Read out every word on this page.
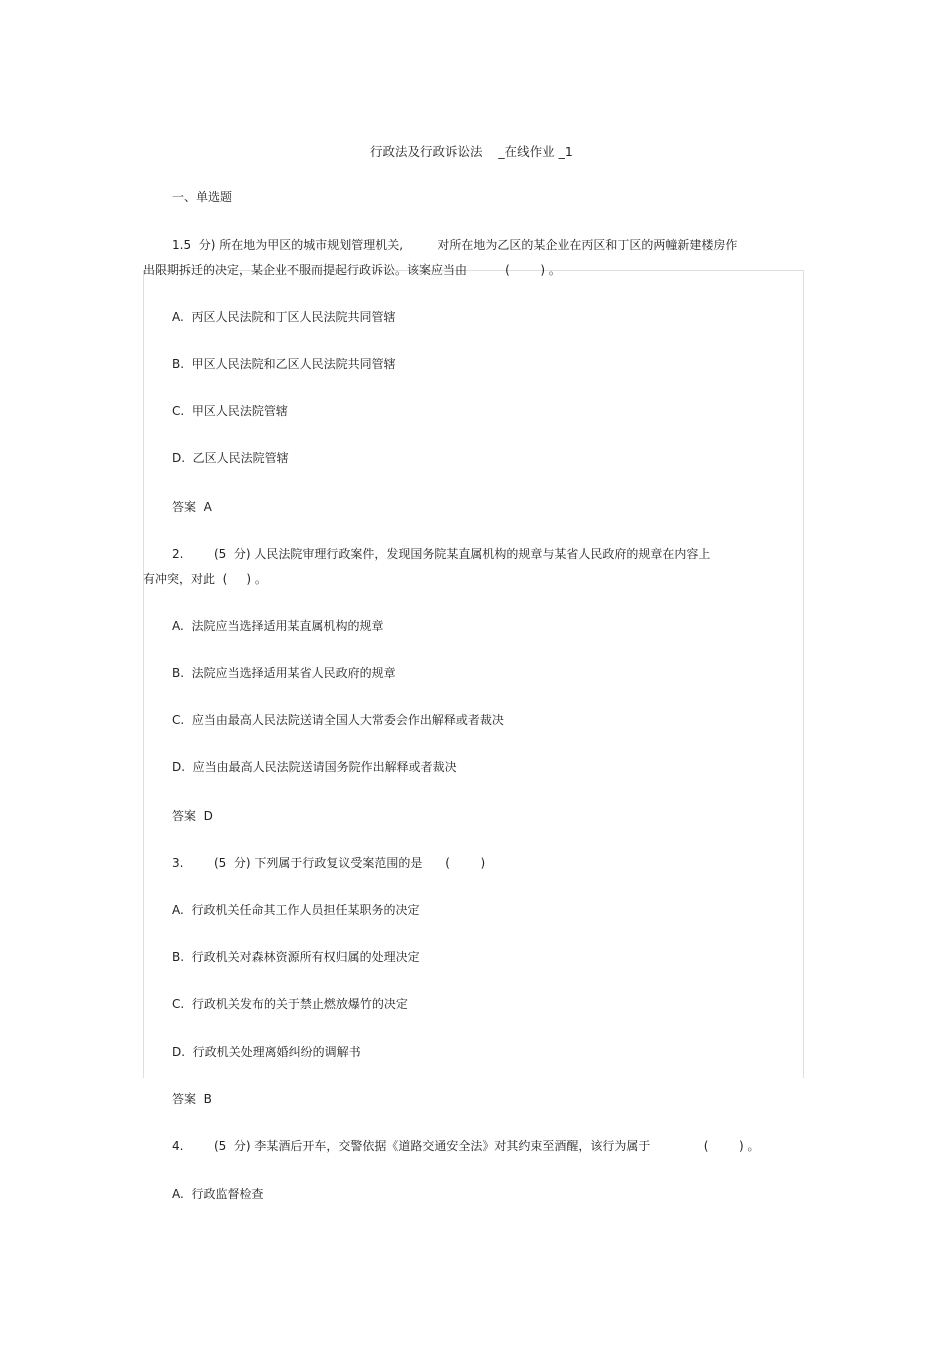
行政法及行政诉讼法    _在线作业 _1
一、单选题
1.5  分) 所在地为甲区的城市规划管理机关,         对所在地为乙区的某企业在丙区和丁区的两幢新建楼房作
出限期拆迁的决定，某企业不服而提起行政诉讼。该案应当由          (        ) 。
A.  丙区人民法院和丁区人民法院共同管辖
B.  甲区人民法院和乙区人民法院共同管辖
C.  甲区人民法院管辖
D.  乙区人民法院管辖
答案  A
2.        (5  分) 人民法院审理行政案件，发现国务院某直属机构的规章与某省人民政府的规章在内容上
有冲突，对此  (     ) 。
A.  法院应当选择适用某直属机构的规章
B.  法院应当选择适用某省人民政府的规章
C.  应当由最高人民法院送请全国人大常委会作出解释或者裁决
D.  应当由最高人民法院送请国务院作出解释或者裁决
答案  D
3.        (5  分) 下列属于行政复议受案范围的是      (        )
A.  行政机关任命其工作人员担任某职务的决定
B.  行政机关对森林资源所有权归属的处理决定
C.  行政机关发布的关于禁止燃放爆竹的决定
D.  行政机关处理离婚纠纷的调解书
答案  B
4.        (5  分) 李某酒后开车，交警依据《道路交通安全法》对其约束至酒醒，该行为属于              (        ) 。
A.  行政监督检查
